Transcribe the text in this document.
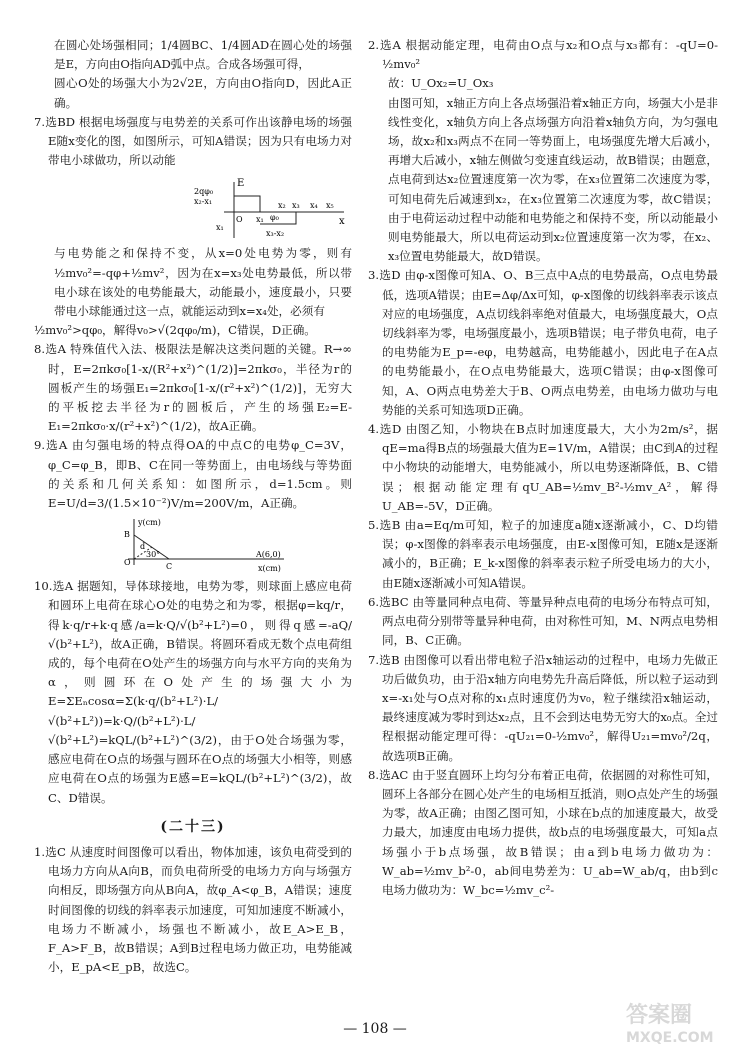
在圆心处场强相同；1/4圆BC、1/4圆AD在圆心处的场强是E，方向由O指向AD弧中点。合成各场强可得，

圆心O处的场强大小为2√2E，方向由O指向D，因此A正确。

7.选BD 根据电场强度与电势差的关系可作出该静电场的场强E随x变化的图，如图所示，可知A错误；因为只有电场力对带电小球做功，所以动能

E
x
2qφ₀
x₂-x₁
x₁
O x₁
x₂ x₃ x₄ x₅
φ₀
x₃-x₂

与电势能之和保持不变，从x=0处电势为零，则有½mv₀²=-qφ+½mv²，因为在x=x₃处电势最低，所以带电小球在该处的电势能最大，动能最小，速度最小，只要带电小球能通过这一点，就能运动到x=x₄处，必须有

½mv₀²>qφ₀，解得v₀>√(2qφ₀/m)，C错误，D正确。

8.选A 特殊值代入法、极限法是解决这类问题的关键。R→∞时，E=2πkσ₀[1-x/(R²+x²)^(1/2)]=2πkσ₀，半径为r的圆板产生的场强E₁=2πkσ₀[1-x/(r²+x²)^(1/2)]，无穷大的平板挖去半径为r的圆板后，产生的场强E₂=E-E₁=2πkσ₀·x/(r²+x²)^(1/2)，故A正确。

9.选A 由匀强电场的特点得OA的中点C的电势φ_C=3V，φ_C=φ_B，即B、C在同一等势面上，由电场线与等势面的关系和几何关系知：如图所示，d=1.5cm。则E=U/d=3/(1.5×10⁻²)V/m=200V/m，A正确。

y(cm)
x(cm)
B
O	C
A(6,0)
30°
d

10.选A 据题知，导体球接地，电势为零，则球面上感应电荷和圆环上电荷在球心O处的电势之和为零，根据φ=kq/r，得k·q/r+k·q感/a=k·Q/√(b²+L²)=0，则得q感=-aQ/√(b²+L²)，故A正确，B错误。将圆环看成无数个点电荷组成的，每个电荷在O处产生的场强方向与水平方向的夹角为α，则圆环在O处产生的场强大小为E=ΣEₙcosα=Σ(k·q/(b²+L²)·L/√(b²+L²))=k·Q/(b²+L²)·L/√(b²+L²)=kQL/(b²+L²)^(3/2)，由于O处合场强为零，感应电荷在O点的场强与圆环在O点的场强大小相等，则感应电荷在O点的场强为E感=E=kQL/(b²+L²)^(3/2)，故C、D错误。

(二十三)

1.选C 从速度时间图像可以看出，物体加速，该负电荷受到的电场力方向从A向B，而负电荷所受的电场力方向与场强方向相反，即场强方向从B向A，故φ_A<φ_B，A错误；速度时间图像的切线的斜率表示加速度，可知加速度不断减小，电场力不断减小，场强也不断减小，故E_A>E_B，F_A>F_B，故B错误；A到B过程电场力做正功，电势能减小，E_pA<E_pB，故选C。

2.选A 根据动能定理，电荷由O点与x₂和O点与x₃都有：-qU=0-½mv₀²

故：U_Ox₂=U_Ox₃

由图可知，x轴正方向上各点场强沿着x轴正方向，场强大小是非线性变化，x轴负方向上各点场强方向沿着x轴负方向，为匀强电场，故x₂和x₃两点不在同一等势面上，电场强度先增大后减小，再增大后减小，x轴左侧做匀变速直线运动，故B错误；由题意，点电荷到达x₂位置速度第一次为零，在x₃位置第二次速度为零，可知电荷先后减速到x₂，在x₃位置第二次速度为零，故C错误；由于电荷运动过程中动能和电势能之和保持不变，所以动能最小则电势能最大，所以电荷运动到x₂位置速度第一次为零，在x₂、x₃位置电势能最大，故D错误。

3.选D 由φ-x图像可知A、O、B三点中A点的电势最高，O点电势最低，选项A错误；由E=Δφ/Δx可知，φ-x图像的切线斜率表示该点对应的电场强度，A点切线斜率绝对值最大，电场强度最大，O点切线斜率为零，电场强度最小，选项B错误；电子带负电荷，电子的电势能为E_p=-eφ，电势越高，电势能越小，因此电子在A点的电势能最小，在O点电势能最大，选项C错误；由φ-x图像可知，A、O两点电势差大于B、O两点电势差，由电场力做功与电势能的关系可知选项D正确。

4.选D 由图乙知，小物块在B点时加速度最大，大小为2m/s²，据qE=ma得B点的场强最大值为E=1V/m，A错误；由C到A的过程中小物块的动能增大，电势能减小，所以电势逐渐降低，B、C错误；根据动能定理有qU_AB=½mv_B²-½mv_A²，解得U_AB=-5V，D正确。

5.选B 由a=Eq/m可知，粒子的加速度a随x逐渐减小，C、D均错误；φ-x图像的斜率表示电场强度，由E-x图像可知，E随x是逐渐减小的，B正确；E_k-x图像的斜率表示粒子所受电场力的大小，由E随x逐渐减小可知A错误。

6.选BC 由等量同种点电荷、等量异种点电荷的电场分布特点可知，两点电荷分别带等量异种电荷，由对称性可知，M、N两点电势相同，B、C正确。

7.选B 由图像可以看出带电粒子沿x轴运动的过程中，电场力先做正功后做负功，由于沿x轴方向电势先升高后降低，所以粒子运动到x=-x₁处与O点对称的x₁点时速度仍为v₀，粒子继续沿x轴运动，最终速度减为零时到达x₂点，且不会到达电势无穷大的x₀点。全过程根据动能定理可得：-qU₂₁=0-½mv₀²，解得U₂₁=mv₀²/2q，故选项B正确。

8.选AC 由于竖直圆环上均匀分布着正电荷，依据圆的对称性可知，圆环上各部分在圆心处产生的电场相互抵消，则O点处产生的场强为零，故A正确；由图乙图可知，小球在b点的加速度最大，故受力最大，加速度由电场力提供，故b点的电场强度最大，可知a点场强小于b点场强，故B错误；由a到b电场力做功为：W_ab=½mv_b²-0，ab间电势差为：U_ab=W_ab/q，由b到c电场力做功为：W_bc=½mv_c²-

— 108 —
答案圈
MXQE.COM
